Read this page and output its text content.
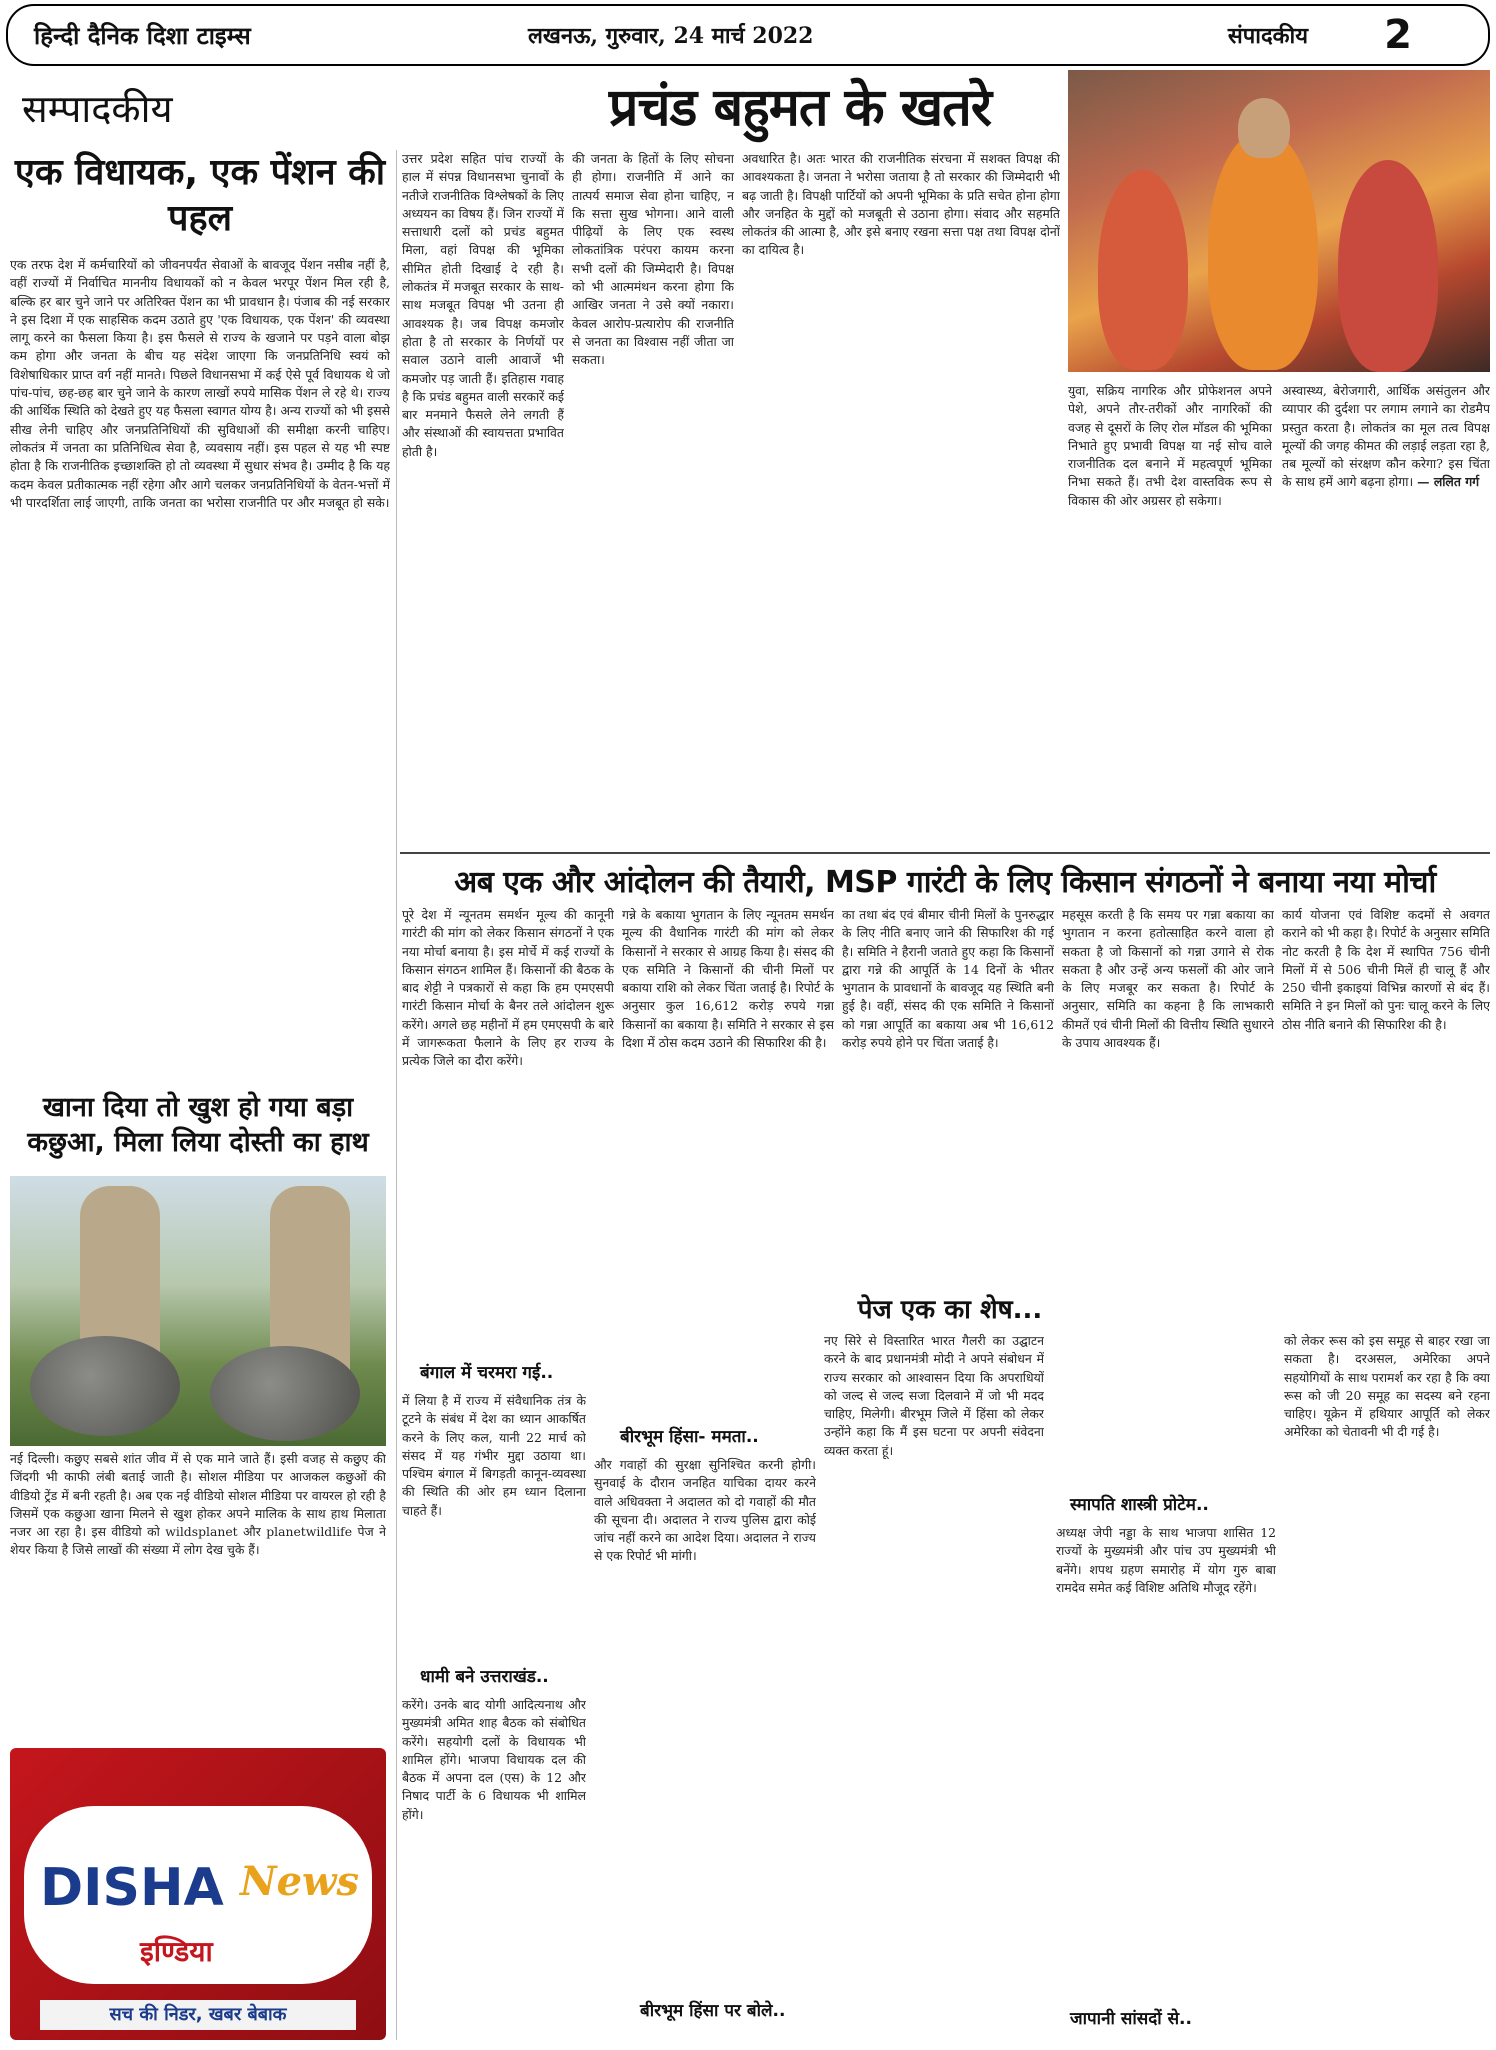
हिन्दी दैनिक दिशा टाइम्स	लखनऊ, गुरुवार, 24 मार्च 2022	संपादकीय	2
सम्पादकीय	प्रचंड बहुमत के खतरे
एक विधायक, एक पेंशन की पहल
एक तरफ देश में कर्मचारियों को जीवनपर्यंत सेवाओं के बावजूद पेंशन नसीब नहीं है, वहीं राज्यों में निर्वाचित माननीय विधायकों को न केवल भरपूर पेंशन मिल रही है, बल्कि हर बार चुने जाने पर अतिरिक्त पेंशन का भी प्रावधान है। पंजाब की नई सरकार ने इस दिशा में एक साहसिक कदम उठाते हुए 'एक विधायक, एक पेंशन' की व्यवस्था लागू करने का फैसला किया है। इस फैसले से राज्य के खजाने पर पड़ने वाला बोझ कम होगा और जनता के बीच यह संदेश जाएगा कि जनप्रतिनिधि स्वयं को विशेषाधिकार प्राप्त वर्ग नहीं मानते। पिछले विधानसभा में कई ऐसे पूर्व विधायक थे जो पांच-पांच, छह-छह बार चुने जाने के कारण लाखों रुपये मासिक पेंशन ले रहे थे। राज्य की आर्थिक स्थिति को देखते हुए यह फैसला स्वागत योग्य है। अन्य राज्यों को भी इससे सीख लेनी चाहिए और जनप्रतिनिधियों की सुविधाओं की समीक्षा करनी चाहिए। लोकतंत्र में जनता का प्रतिनिधित्व सेवा है, व्यवसाय नहीं। इस पहल से यह भी स्पष्ट होता है कि राजनीतिक इच्छाशक्ति हो तो व्यवस्था में सुधार संभव है। उम्मीद है कि यह कदम केवल प्रतीकात्मक नहीं रहेगा और आगे चलकर जनप्रतिनिधियों के वेतन-भत्तों में भी पारदर्शिता लाई जाएगी, ताकि जनता का भरोसा राजनीति पर और मजबूत हो सके।
उत्तर प्रदेश सहित पांच राज्यों के हाल में संपन्न विधानसभा चुनावों के नतीजे राजनीतिक विश्लेषकों के लिए अध्ययन का विषय हैं। जिन राज्यों में सत्ताधारी दलों को प्रचंड बहुमत मिला, वहां विपक्ष की भूमिका सीमित होती दिखाई दे रही है। लोकतंत्र में मजबूत सरकार के साथ-साथ मजबूत विपक्ष भी उतना ही आवश्यक है। जब विपक्ष कमजोर होता है तो सरकार के निर्णयों पर सवाल उठाने वाली आवाजें भी कमजोर पड़ जाती हैं। इतिहास गवाह है कि प्रचंड बहुमत वाली सरकारें कई बार मनमाने फैसले लेने लगती हैं और संस्थाओं की स्वायत्तता प्रभावित होती है।
की जनता के हितों के लिए सोचना ही होगा। राजनीति में आने का तात्पर्य समाज सेवा होना चाहिए, न कि सत्ता सुख भोगना। आने वाली पीढ़ियों के लिए एक स्वस्थ लोकतांत्रिक परंपरा कायम करना सभी दलों की जिम्मेदारी है। विपक्ष को भी आत्ममंथन करना होगा कि आखिर जनता ने उसे क्यों नकारा। केवल आरोप-प्रत्यारोप की राजनीति से जनता का विश्वास नहीं जीता जा सकता।
अवधारित है। अतः भारत की राजनीतिक संरचना में सशक्त विपक्ष की आवश्यकता है। जनता ने भरोसा जताया है तो सरकार की जिम्मेदारी भी बढ़ जाती है। विपक्षी पार्टियों को अपनी भूमिका के प्रति सचेत होना होगा और जनहित के मुद्दों को मजबूती से उठाना होगा। संवाद और सहमति लोकतंत्र की आत्मा है, और इसे बनाए रखना सत्ता पक्ष तथा विपक्ष दोनों का दायित्व है।
युवा, सक्रिय नागरिक और प्रोफेशनल अपने पेशे, अपने तौर-तरीकों और नागरिकों की वजह से दूसरों के लिए रोल मॉडल की भूमिका निभाते हुए प्रभावी विपक्ष या नई सोच वाले राजनीतिक दल बनाने में महत्वपूर्ण भूमिका निभा सकते हैं। तभी देश वास्तविक रूप से विकास की ओर अग्रसर हो सकेगा।
अस्वास्थ्य, बेरोजगारी, आर्थिक असंतुलन और व्यापार की दुर्दशा पर लगाम लगाने का रोडमैप प्रस्तुत करता है। लोकतंत्र का मूल तत्व विपक्ष मूल्यों की जगह कीमत की लड़ाई लड़ता रहा है, तब मूल्यों को संरक्षण कौन करेगा? इस चिंता के साथ हमें आगे बढ़ना होगा। — ललित गर्ग
अब एक और आंदोलन की तैयारी, MSP गारंटी के लिए किसान संगठनों ने बनाया नया मोर्चा
पूरे देश में न्यूनतम समर्थन मूल्य की कानूनी गारंटी की मांग को लेकर किसान संगठनों ने एक नया मोर्चा बनाया है। इस मोर्चे में कई राज्यों के किसान संगठन शामिल हैं। किसानों की बैठक के बाद शेट्टी ने पत्रकारों से कहा कि हम एमएसपी गारंटी किसान मोर्चा के बैनर तले आंदोलन शुरू करेंगे। अगले छह महीनों में हम एमएसपी के बारे में जागरूकता फैलाने के लिए हर राज्य के प्रत्येक जिले का दौरा करेंगे।
गन्ने के बकाया भुगतान के लिए न्यूनतम समर्थन मूल्य की वैधानिक गारंटी की मांग को लेकर किसानों ने सरकार से आग्रह किया है। संसद की एक समिति ने किसानों की चीनी मिलों पर बकाया राशि को लेकर चिंता जताई है। रिपोर्ट के अनुसार कुल 16,612 करोड़ रुपये गन्ना किसानों का बकाया है। समिति ने सरकार से इस दिशा में ठोस कदम उठाने की सिफारिश की है।
का तथा बंद एवं बीमार चीनी मिलों के पुनरुद्धार के लिए नीति बनाए जाने की सिफारिश की गई है। समिति ने हैरानी जताते हुए कहा कि किसानों द्वारा गन्ने की आपूर्ति के 14 दिनों के भीतर भुगतान के प्रावधानों के बावजूद यह स्थिति बनी हुई है। वहीं, संसद की एक समिति ने किसानों को गन्ना आपूर्ति का बकाया अब भी 16,612 करोड़ रुपये होने पर चिंता जताई है।
महसूस करती है कि समय पर गन्ना बकाया का भुगतान न करना हतोत्साहित करने वाला हो सकता है जो किसानों को गन्ना उगाने से रोक सकता है और उन्हें अन्य फसलों की ओर जाने के लिए मजबूर कर सकता है। रिपोर्ट के अनुसार, समिति का कहना है कि लाभकारी कीमतें एवं चीनी मिलों की वित्तीय स्थिति सुधारने के उपाय आवश्यक हैं।
कार्य योजना एवं विशिष्ट कदमों से अवगत कराने को भी कहा है। रिपोर्ट के अनुसार समिति नोट करती है कि देश में स्थापित 756 चीनी मिलों में से 506 चीनी मिलें ही चालू हैं और 250 चीनी इकाइयां विभिन्न कारणों से बंद हैं। समिति ने इन मिलों को पुनः चालू करने के लिए ठोस नीति बनाने की सिफारिश की है।
खाना दिया तो खुश हो गया बड़ा कछुआ, मिला लिया दोस्ती का हाथ
नई दिल्ली। कछुए सबसे शांत जीव में से एक माने जाते हैं। इसी वजह से कछुए की जिंदगी भी काफी लंबी बताई जाती है। सोशल मीडिया पर आजकल कछुओं की वीडियो ट्रेंड में बनी रहती है। अब एक नई वीडियो सोशल मीडिया पर वायरल हो रही है जिसमें एक कछुआ खाना मिलने से खुश होकर अपने मालिक के साथ हाथ मिलाता नजर आ रहा है। इस वीडियो को wildsplanet और planetwildlife पेज ने शेयर किया है जिसे लाखों की संख्या में लोग देख चुके हैं।
पेज एक का शेष...
बंगाल में चरमरा गई..
में लिया है में राज्य में संवैधानिक तंत्र के टूटने के संबंध में देश का ध्यान आकर्षित करने के लिए कल, यानी 22 मार्च को संसद में यह गंभीर मुद्दा उठाया था। पश्चिम बंगाल में बिगड़ती कानून-व्यवस्था की स्थिति की ओर हम ध्यान दिलाना चाहते हैं।
धामी बने उत्तराखंड..
करेंगे। उनके बाद योगी आदित्यनाथ और मुख्यमंत्री अमित शाह बैठक को संबोधित करेंगे। सहयोगी दलों के विधायक भी शामिल होंगे। भाजपा विधायक दल की बैठक में अपना दल (एस) के 12 और निषाद पार्टी के 6 विधायक भी शामिल होंगे।
बीरभूम हिंसा- ममता..
और गवाहों की सुरक्षा सुनिश्चित करनी होगी। सुनवाई के दौरान जनहित याचिका दायर करने वाले अधिवक्ता ने अदालत को दो गवाहों की मौत की सूचना दी। अदालत ने राज्य पुलिस द्वारा कोई जांच नहीं करने का आदेश दिया। अदालत ने राज्य से एक रिपोर्ट भी मांगी।
बीरभूम हिंसा पर बोले..
नए सिरे से विस्तारित भारत गैलरी का उद्घाटन करने के बाद प्रधानमंत्री मोदी ने अपने संबोधन में राज्य सरकार को आश्वासन दिया कि अपराधियों को जल्द से जल्द सजा दिलवाने में जो भी मदद चाहिए, मिलेगी। बीरभूम जिले में हिंसा को लेकर उन्होंने कहा कि मैं इस घटना पर अपनी संवेदना व्यक्त करता हूं।
स्मापति शास्त्री प्रोटेम..
अध्यक्ष जेपी नड्डा के साथ भाजपा शासित 12 राज्यों के मुख्यमंत्री और पांच उप मुख्यमंत्री भी बनेंगे। शपथ ग्रहण समारोह में योग गुरु बाबा रामदेव समेत कई विशिष्ट अतिथि मौजूद रहेंगे।
जापानी सांसदों से..
को लेकर रूस को इस समूह से बाहर रखा जा सकता है। दरअसल, अमेरिका अपने सहयोगियों के साथ परामर्श कर रहा है कि क्या रूस को जी 20 समूह का सदस्य बने रहना चाहिए। यूक्रेन में हथियार आपूर्ति को लेकर अमेरिका को चेतावनी भी दी गई है।
DISHA News
इण्डिया
सच की निडर, खबर बेबाक
